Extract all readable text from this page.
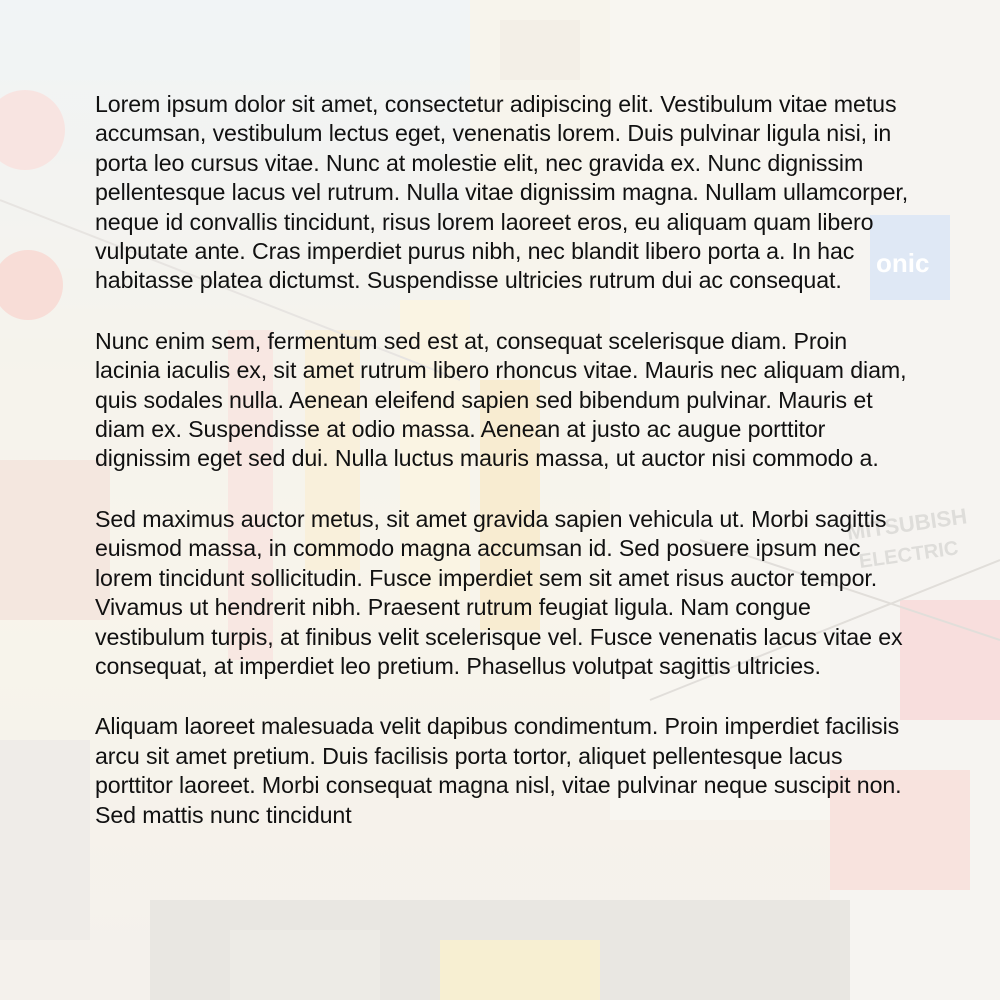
Lorem ipsum dolor sit amet, consectetur adipiscing elit. Vestibulum vitae metus accumsan, vestibulum lectus eget, venenatis lorem. Duis pulvinar ligula nisi, in porta leo cursus vitae. Nunc at molestie elit, nec gravida ex. Nunc dignissim pellentesque lacus vel rutrum. Nulla vitae dignissim magna. Nullam ullamcorper, neque id convallis tincidunt, risus lorem laoreet eros, eu aliquam quam libero vulputate ante. Cras imperdiet purus nibh, nec blandit libero porta a. In hac habitasse platea dictumst. Suspendisse ultricies rutrum dui ac consequat.

Nunc enim sem, fermentum sed est at, consequat scelerisque diam. Proin lacinia iaculis ex, sit amet rutrum libero rhoncus vitae. Mauris nec aliquam diam, quis sodales nulla. Aenean eleifend sapien sed bibendum pulvinar. Mauris et diam ex. Suspendisse at odio massa. Aenean at justo ac augue porttitor dignissim eget sed dui. Nulla luctus mauris massa, ut auctor nisi commodo a.

Sed maximus auctor metus, sit amet gravida sapien vehicula ut. Morbi sagittis euismod massa, in commodo magna accumsan id. Sed posuere ipsum nec lorem tincidunt sollicitudin. Fusce imperdiet sem sit amet risus auctor tempor. Vivamus ut hendrerit nibh. Praesent rutrum feugiat ligula. Nam congue vestibulum turpis, at finibus velit scelerisque vel. Fusce venenatis lacus vitae ex consequat, at imperdiet leo pretium. Phasellus volutpat sagittis ultricies.

Aliquam laoreet malesuada velit dapibus condimentum. Proin imperdiet facilisis arcu sit amet pretium. Duis facilisis porta tortor, aliquet pellentesque lacus porttitor laoreet. Morbi consequat magna nisl, vitae pulvinar neque suscipit non. Sed mattis nunc tincidunt
